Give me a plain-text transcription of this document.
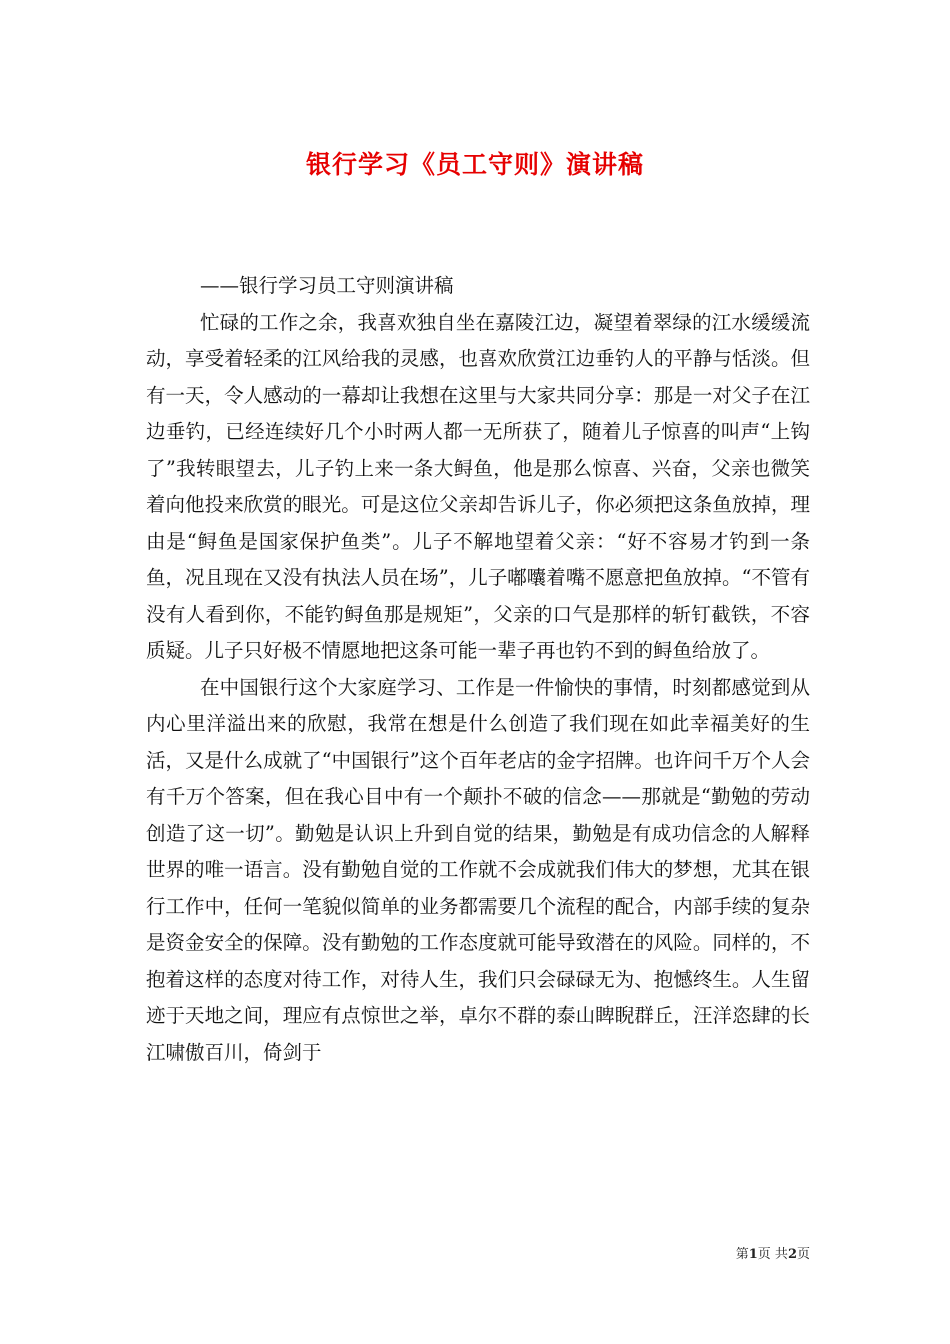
银行学习《员工守则》演讲稿

——银行学习员工守则演讲稿

忙碌的工作之余，我喜欢独自坐在嘉陵江边，凝望着翠绿的江水缓缓流动，享受着轻柔的江风给我的灵感，也喜欢欣赏江边垂钓人的平静与恬淡。但有一天，令人感动的一幕却让我想在这里与大家共同分享：那是一对父子在江边垂钓，已经连续好几个小时两人都一无所获了，随着儿子惊喜的叫声“上钩了”我转眼望去，儿子钓上来一条大鲟鱼，他是那么惊喜、兴奋，父亲也微笑着向他投来欣赏的眼光。可是这位父亲却告诉儿子，你必须把这条鱼放掉，理由是“鲟鱼是国家保护鱼类”。儿子不解地望着父亲：“好不容易才钓到一条鱼，况且现在又没有执法人员在场”，儿子嘟囔着嘴不愿意把鱼放掉。“不管有没有人看到你，不能钓鲟鱼那是规矩”，父亲的口气是那样的斩钉截铁，不容质疑。儿子只好极不情愿地把这条可能一辈子再也钓不到的鲟鱼给放了。

在中国银行这个大家庭学习、工作是一件愉快的事情，时刻都感觉到从内心里洋溢出来的欣慰，我常在想是什么创造了我们现在如此幸福美好的生活，又是什么成就了“中国银行”这个百年老店的金字招牌。也许问千万个人会有千万个答案，但在我心目中有一个颠扑不破的信念——那就是“勤勉的劳动创造了这一切”。勤勉是认识上升到自觉的结果，勤勉是有成功信念的人解释世界的唯一语言。没有勤勉自觉的工作就不会成就我们伟大的梦想，尤其在银行工作中，任何一笔貌似简单的业务都需要几个流程的配合，内部手续的复杂是资金安全的保障。没有勤勉的工作态度就可能导致潜在的风险。同样的，不抱着这样的态度对待工作，对待人生，我们只会碌碌无为、抱憾终生。人生留迹于天地之间，理应有点惊世之举，卓尔不群的泰山睥睨群丘，汪洋恣肆的长江啸傲百川，倚剑于

第1页 共2页
